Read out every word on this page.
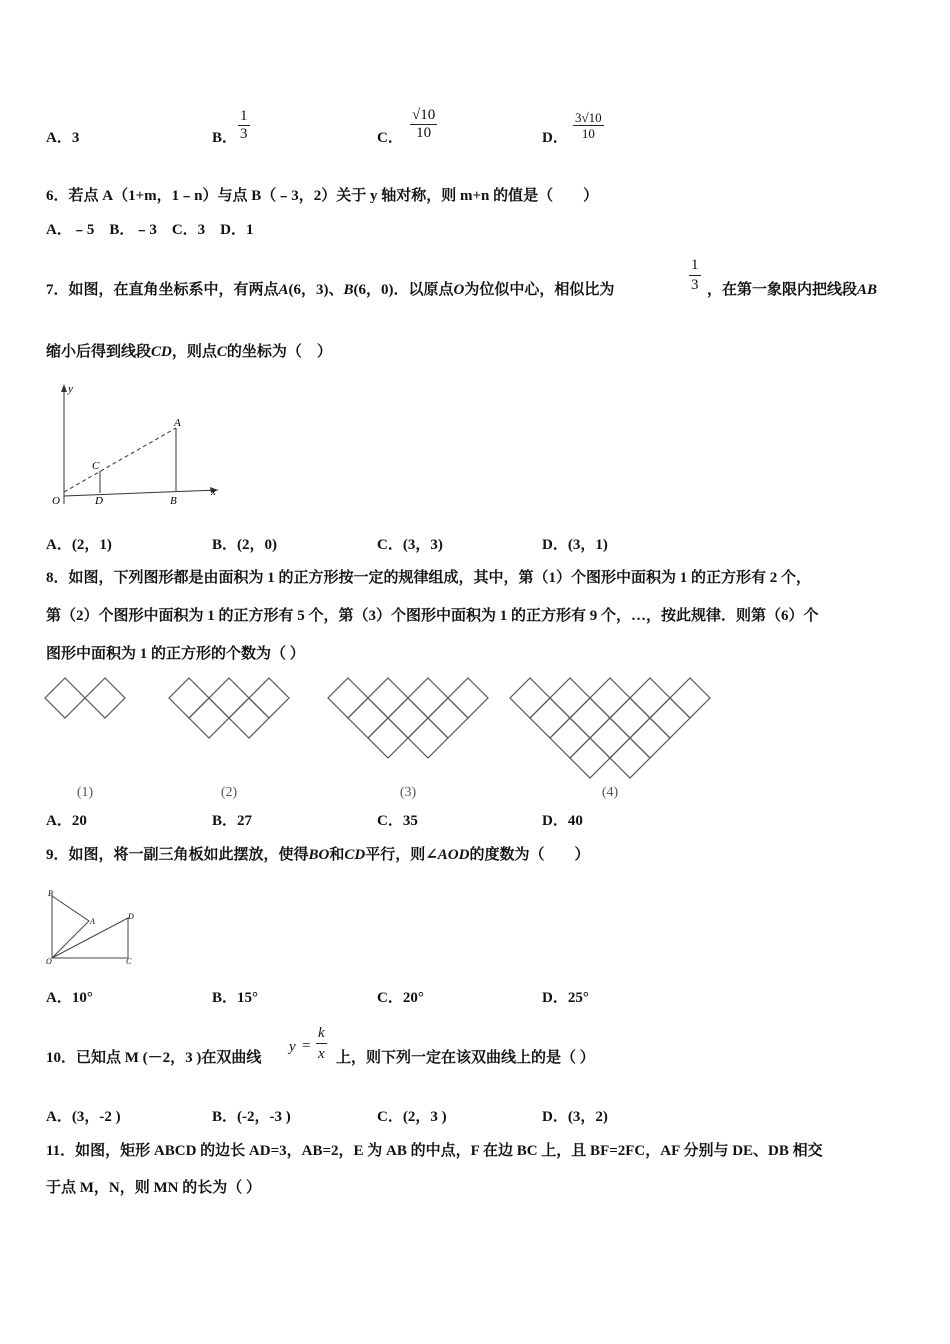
A．3	B． $\frac{1}{3}$	C． $\frac{√10}{10}$	D． $\frac{3√10}{10}$
6．若点 A（1+m，1﹣n）与点 B（﹣3，2）关于 y 轴对称，则 m+n 的值是（　　）
A．﹣5　B．﹣3　C．3　D．1
7．如图，在直角坐标系中，有两点A(6，3)、B(6，0)．以原点O为位似中心，相似比为	$\frac{1}{3}$ ，在第一象限内把线段AB
缩小后得到线段CD，则点C的坐标为（　）
y
x
A
C
O	D	B
A．(2，1)	B．(2，0)	C．(3，3)	D．(3，1)
8．如图，下列图形都是由面积为 1 的正方形按一定的规律组成，其中，第（1）个图形中面积为 1 的正方形有 2 个，
第（2）个图形中面积为 1 的正方形有 5 个，第（3）个图形中面积为 1 的正方形有 9 个，…，按此规律．则第（6）个
图形中面积为 1 的正方形的个数为（ ）
(1)	(2)	(3)	(4)
A．20	B．27	C．35	D．40
9．如图，将一副三角板如此摆放，使得BO和CD平行，则∠AOD的度数为（　　）
B
A
D
O	C
A．10°	B．15°	C．20°	D．25°
10．已知点 M (－2，3 )在双曲线
$y = \frac{k}{x}$ 上，则下列一定在该双曲线上的是（ ）
A．(3，-2 )	B．(-2，-3 )	C．(2，3 )	D．(3，2)
11．如图，矩形 ABCD 的边长 AD=3，AB=2，E 为 AB 的中点，F 在边 BC 上，且 BF=2FC，AF 分别与 DE、DB 相交
于点 M，N，则 MN 的长为（ ）
